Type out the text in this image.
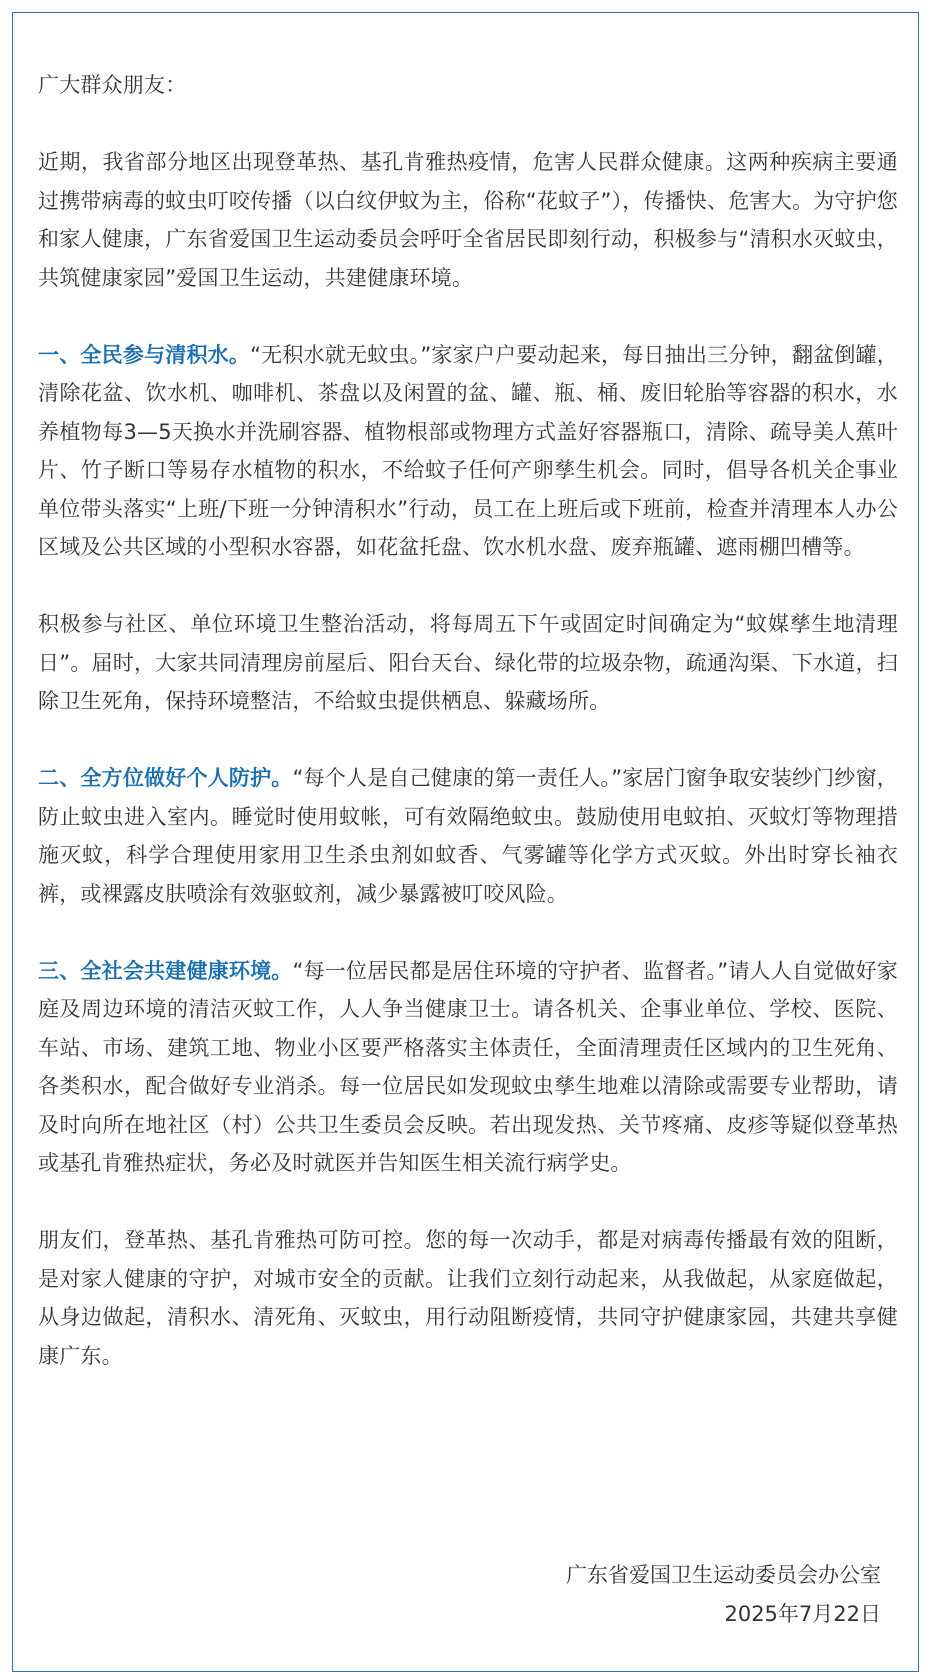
广大群众朋友：

近期，我省部分地区出现登革热、基孔肯雅热疫情，危害人民群众健康。这两种疾病主要通过携带病毒的蚊虫叮咬传播（以白纹伊蚊为主，俗称“花蚊子”），传播快、危害大。为守护您和家人健康，广东省爱国卫生运动委员会呼吁全省居民即刻行动，积极参与“清积水灭蚊虫，共筑健康家园”爱国卫生运动，共建健康环境。

一、全民参与清积水。“无积水就无蚊虫。”家家户户要动起来，每日抽出三分钟，翻盆倒罐，清除花盆、饮水机、咖啡机、茶盘以及闲置的盆、罐、瓶、桶、废旧轮胎等容器的积水，水养植物每3—5天换水并洗刷容器、植物根部或物理方式盖好容器瓶口，清除、疏导美人蕉叶片、竹子断口等易存水植物的积水，不给蚊子任何产卵孳生机会。同时，倡导各机关企事业单位带头落实“上班/下班一分钟清积水”行动，员工在上班后或下班前，检查并清理本人办公区域及公共区域的小型积水容器，如花盆托盘、饮水机水盘、废弃瓶罐、遮雨棚凹槽等。

积极参与社区、单位环境卫生整治活动，将每周五下午或固定时间确定为“蚊媒孳生地清理日”。届时，大家共同清理房前屋后、阳台天台、绿化带的垃圾杂物，疏通沟渠、下水道，扫除卫生死角，保持环境整洁，不给蚊虫提供栖息、躲藏场所。

二、全方位做好个人防护。“每个人是自己健康的第一责任人。”家居门窗争取安装纱门纱窗，防止蚊虫进入室内。睡觉时使用蚊帐，可有效隔绝蚊虫。鼓励使用电蚊拍、灭蚊灯等物理措施灭蚊，科学合理使用家用卫生杀虫剂如蚊香、气雾罐等化学方式灭蚊。外出时穿长袖衣裤，或裸露皮肤喷涂有效驱蚊剂，减少暴露被叮咬风险。

三、全社会共建健康环境。“每一位居民都是居住环境的守护者、监督者。”请人人自觉做好家庭及周边环境的清洁灭蚊工作，人人争当健康卫士。请各机关、企事业单位、学校、医院、车站、市场、建筑工地、物业小区要严格落实主体责任，全面清理责任区域内的卫生死角、各类积水，配合做好专业消杀。每一位居民如发现蚊虫孳生地难以清除或需要专业帮助，请及时向所在地社区（村）公共卫生委员会反映。若出现发热、关节疼痛、皮疹等疑似登革热或基孔肯雅热症状，务必及时就医并告知医生相关流行病学史。

朋友们，登革热、基孔肯雅热可防可控。您的每一次动手，都是对病毒传播最有效的阻断，是对家人健康的守护，对城市安全的贡献。让我们立刻行动起来，从我做起，从家庭做起，从身边做起，清积水、清死角、灭蚊虫，用行动阻断疫情，共同守护健康家园，共建共享健康广东。

广东省爱国卫生运动委员会办公室
2025年7月22日
